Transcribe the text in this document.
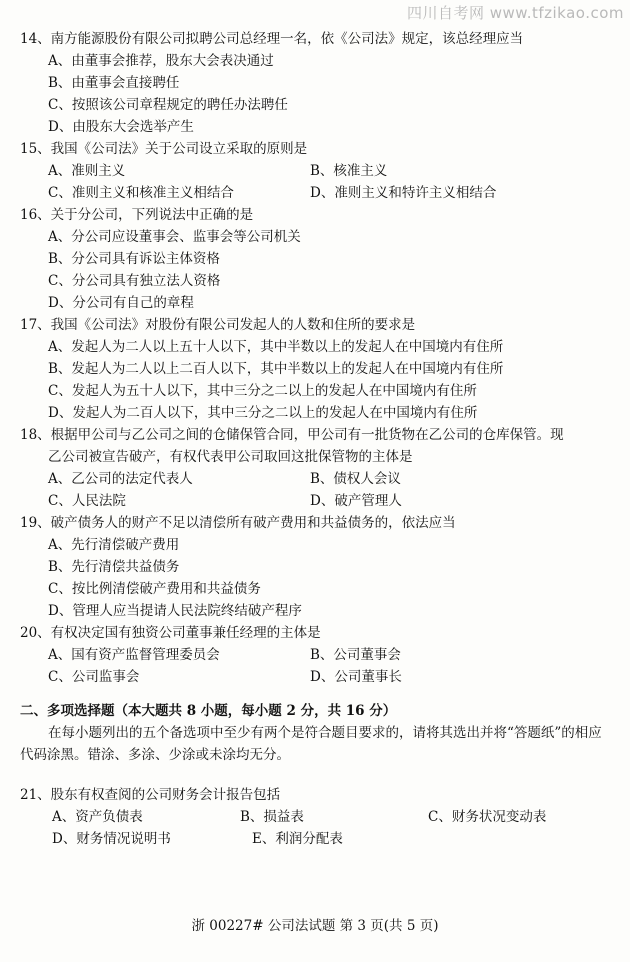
四川自考网 www.tfzikao.com
14、南方能源股份有限公司拟聘公司总经理一名，依《公司法》规定，该总经理应当
A、由董事会推荐，股东大会表决通过
B、由董事会直接聘任
C、按照该公司章程规定的聘任办法聘任
D、由股东大会选举产生
15、我国《公司法》关于公司设立采取的原则是
A、准则主义	B、核准主义
C、准则主义和核准主义相结合	D、准则主义和特许主义相结合
16、关于分公司，下列说法中正确的是
A、分公司应设董事会、监事会等公司机关
B、分公司具有诉讼主体资格
C、分公司具有独立法人资格
D、分公司有自己的章程
17、我国《公司法》对股份有限公司发起人的人数和住所的要求是
A、发起人为二人以上五十人以下，其中半数以上的发起人在中国境内有住所
B、发起人为二人以上二百人以下，其中半数以上的发起人在中国境内有住所
C、发起人为五十人以下，其中三分之二以上的发起人在中国境内有住所
D、发起人为二百人以下，其中三分之二以上的发起人在中国境内有住所
18、根据甲公司与乙公司之间的仓储保管合同，甲公司有一批货物在乙公司的仓库保管。现
乙公司被宣告破产，有权代表甲公司取回这批保管物的主体是
A、乙公司的法定代表人	B、债权人会议
C、人民法院	D、破产管理人
19、破产债务人的财产不足以清偿所有破产费用和共益债务的，依法应当
A、先行清偿破产费用
B、先行清偿共益债务
C、按比例清偿破产费用和共益债务
D、管理人应当提请人民法院终结破产程序
20、有权决定国有独资公司董事兼任经理的主体是
A、国有资产监督管理委员会	B、公司董事会
C、公司监事会	D、公司董事长
二、多项选择题（本大题共 8 小题，每小题 2 分，共 16 分）
在每小题列出的五个备选项中至少有两个是符合题目要求的，请将其选出并将“答题纸”的相应代码涂黑。错涂、多涂、少涂或未涂均无分。
21、股东有权查阅的公司财务会计报告包括
A、资产负债表	B、损益表	C、财务状况变动表
D、财务情况说明书	E、利润分配表
浙 00227# 公司法试题 第 3 页(共 5 页)
